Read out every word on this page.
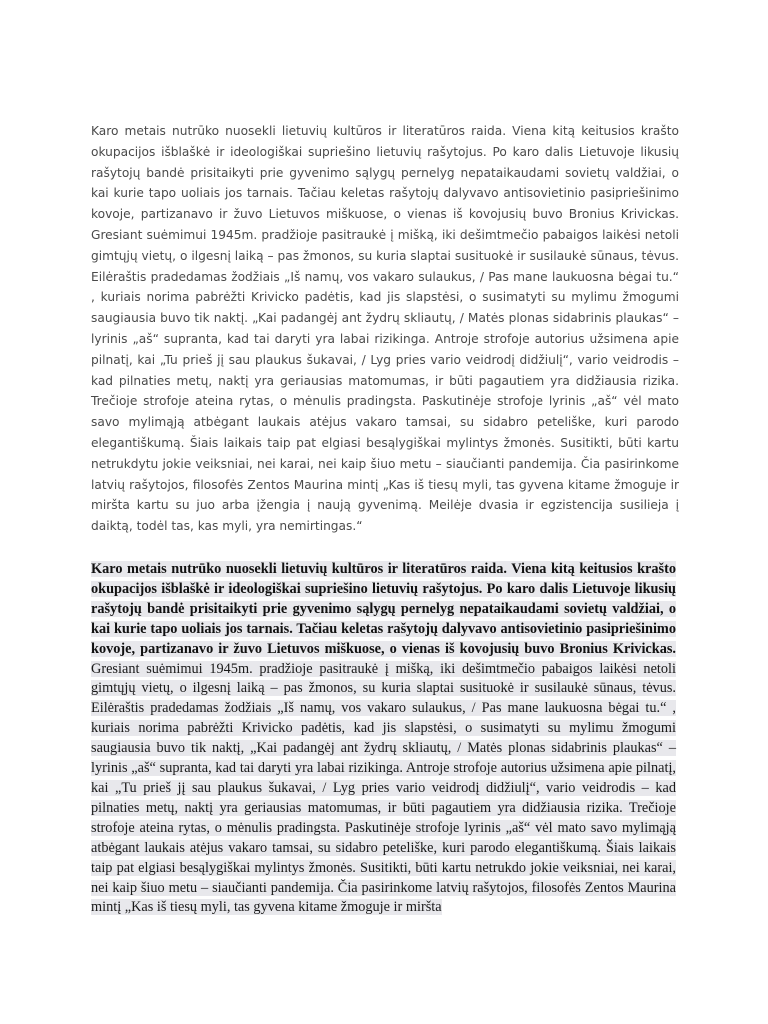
Karo metais nutrūko nuosekli lietuvių kultūros ir literatūros raida. Viena kitą keitusios krašto okupacijos išblaškė ir ideologiškai supriešino lietuvių rašytojus. Po karo dalis Lietuvoje likusių rašytojų bandė prisitaikyti prie gyvenimo sąlygų pernelyg nepataikaudami sovietų valdžiai, o kai kurie tapo uoliais jos tarnais. Tačiau keletas rašytojų dalyvavo antisovietinio pasipriešinimo kovoje, partizanavo ir žuvo Lietuvos miškuose, o vienas iš kovojusių buvo Bronius Krivickas. Gresiant suėmimui 1945m. pradžioje pasitraukė į mišką, iki dešimtmečio pabaigos laikėsi netoli gimtųjų vietų, o ilgesnį laiką – pas žmonos, su kuria slaptai susituokė ir susilaukė sūnaus, tėvus. Eilėraštis pradedamas žodžiais „Iš namų, vos vakaro sulaukus, / Pas mane laukuosna bėgai tu.“ , kuriais norima pabrėžti Krivicko padėtis, kad jis slapstėsi, o susimatyti su mylimu žmogumi saugiausia buvo tik naktį. „Kai padangėj ant žydrų skliautų, / Matės plonas sidabrinis plaukas“ – lyrinis „aš“ supranta, kad tai daryti yra labai rizikinga. Antroje strofoje autorius užsimena apie pilnatį, kai „Tu prieš jį sau plaukus šukavai, / Lyg pries vario veidrodį didžiulį“, vario veidrodis – kad pilnaties metų, naktį yra geriausias matomumas, ir būti pagautiem yra didžiausia rizika. Trečioje strofoje ateina rytas, o mėnulis pradingsta. Paskutinėje strofoje lyrinis „aš“ vėl mato savo mylimąją atbėgant laukais atėjus vakaro tamsai, su sidabro peteliške, kuri parodo elegantiškumą. Šiais laikais taip pat elgiasi besąlygiškai mylintys žmonės. Susitikti, būti kartu netrukdytu jokie veiksniai, nei karai, nei kaip šiuo metu – siaučianti pandemija. Čia pasirinkome latvių rašytojos, filosofės Zentos Maurina mintį „Kas iš tiesų myli, tas gyvena kitame žmoguje ir miršta kartu su juo arba įžengia į naują gyvenimą. Meilėje dvasia ir egzistencija susilieja į daiktą, todėl tas, kas myli, yra nemirtingas.“

Karo metais nutrūko nuosekli lietuvių kultūros ir literatūros raida. Viena kitą keitusios krašto okupacijos išblaškė ir ideologiškai supriešino lietuvių rašytojus. Po karo dalis Lietuvoje likusių rašytojų bandė prisitaikyti prie gyvenimo sąlygų pernelyg nepataikaudami sovietų valdžiai, o kai kurie tapo uoliais jos tarnais. Tačiau keletas rašytojų dalyvavo antisovietinio pasipriešinimo kovoje, partizanavo ir žuvo Lietuvos miškuose, o vienas iš kovojusių buvo Bronius Krivickas. Gresiant suėmimui 1945m. pradžioje pasitraukė į mišką, iki dešimtmečio pabaigos laikėsi netoli gimtųjų vietų, o ilgesnį laiką – pas žmonos, su kuria slaptai susituokė ir susilaukė sūnaus, tėvus. Eilėraštis pradedamas žodžiais „Iš namų, vos vakaro sulaukus, / Pas mane laukuosna bėgai tu.“ , kuriais norima pabrėžti Krivicko padėtis, kad jis slapstėsi, o susimatyti su mylimu žmogumi saugiausia buvo tik naktį, „Kai padangėj ant žydrų skliautų, / Matės plonas sidabrinis plaukas“ – lyrinis „aš“ supranta, kad tai daryti yra labai rizikinga. Antroje strofoje autorius užsimena apie pilnatį, kai „Tu prieš jį sau plaukus šukavai, / Lyg pries vario veidrodį didžiulį“, vario veidrodis – kad pilnaties metų, naktį yra geriausias matomumas, ir būti pagautiem yra didžiausia rizika. Trečioje strofoje ateina rytas, o mėnulis pradingsta. Paskutinėje strofoje lyrinis „aš“ vėl mato savo mylimąją atbėgant laukais atėjus vakaro tamsai, su sidabro peteliške, kuri parodo elegantiškumą. Šiais laikais taip pat elgiasi besąlygiškai mylintys žmonės. Susitikti, būti kartu netrukdo jokie veiksniai, nei karai, nei kaip šiuo metu – siaučianti pandemija. Čia pasirinkome latvių rašytojos, filosofės Zentos Maurina mintį „Kas iš tiesų myli, tas gyvena kitame žmoguje ir miršta
